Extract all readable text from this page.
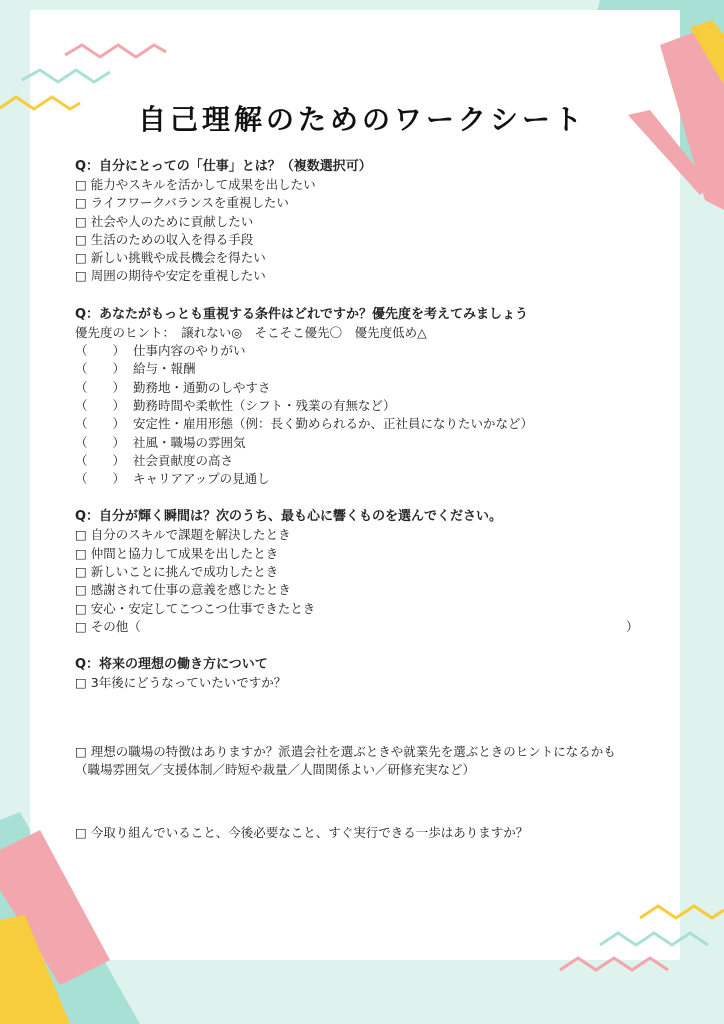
自己理解のためのワークシート
Q：自分にとっての「仕事」とは？（複数選択可）
□ 能力やスキルを活かして成果を出したい
□ ライフワークバランスを重視したい
□ 社会や人のために貢献したい
□ 生活のための収入を得る手段
□ 新しい挑戦や成長機会を得たい
□ 周囲の期待や安定を重視したい
Q：あなたがもっとも重視する条件はどれですか？優先度を考えてみましょう
優先度のヒント：　譲れない◎　そこそこ優先〇　優先度低め△
（　　） 仕事内容のやりがい
（　　） 給与・報酬
（　　） 勤務地・通勤のしやすさ
（　　） 勤務時間や柔軟性（シフト・残業の有無など）
（　　） 安定性・雇用形態（例：長く勤められるか、正社員になりたいかなど）
（　　） 社風・職場の雰囲気
（　　） 社会貢献度の高さ
（　　） キャリアアップの見通し
Q：自分が輝く瞬間は？次のうち、最も心に響くものを選んでください。
□ 自分のスキルで課題を解決したとき
□ 仲間と協力して成果を出したとき
□ 新しいことに挑んで成功したとき
□ 感謝されて仕事の意義を感じたとき
□ 安心・安定してこつこつ仕事できたとき
□ その他（	）
Q：将来の理想の働き方について
□ 3年後にどうなっていたいですか？
□ 理想の職場の特徴はありますか？派遣会社を選ぶときや就業先を選ぶときのヒントになるかも
（職場雰囲気／支援体制／時短や裁量／人間関係よい／研修充実など）
□ 今取り組んでいること、今後必要なこと、すぐ実行できる一歩はありますか？
